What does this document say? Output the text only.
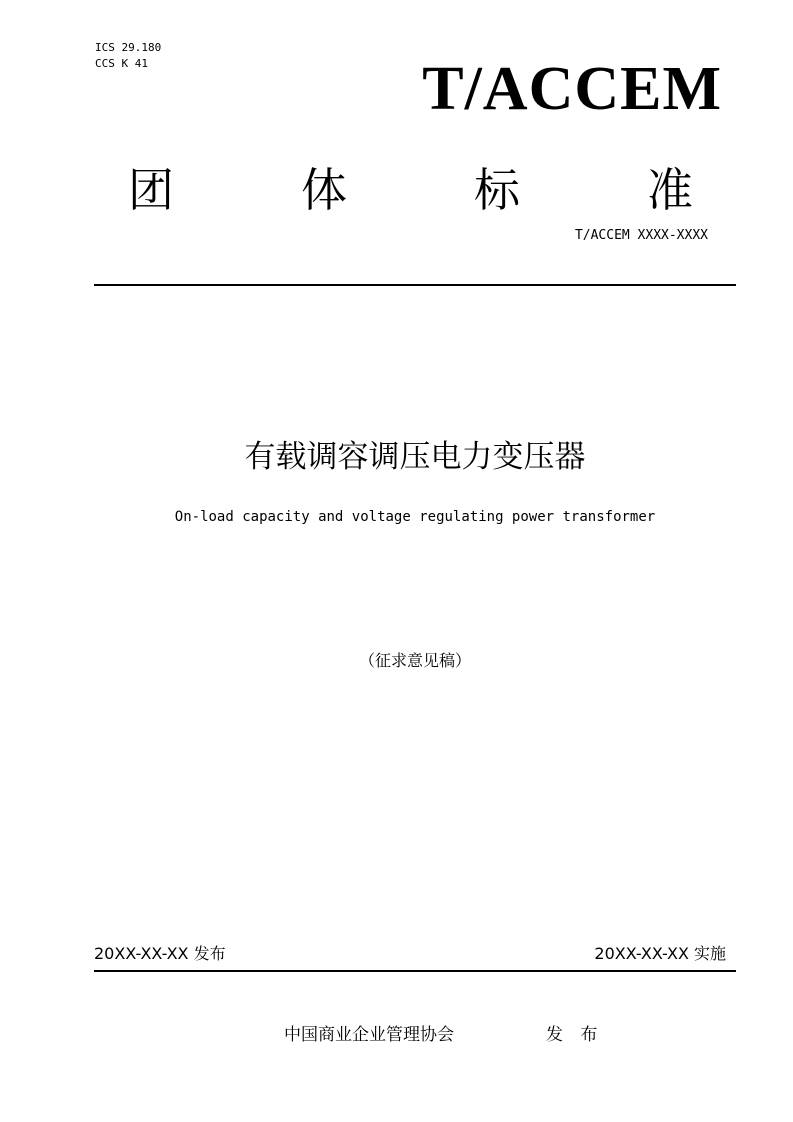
ICS 29.180
CCS K 41	T/ACCEM
团	体	标	准
T/ACCEM XXXX-XXXX
有载调容调压电力变压器
On-load capacity and voltage regulating power transformer
（征求意见稿）
20XX-XX-XX 发布	20XX-XX-XX 实施
中国商业企业管理协会	发 布
